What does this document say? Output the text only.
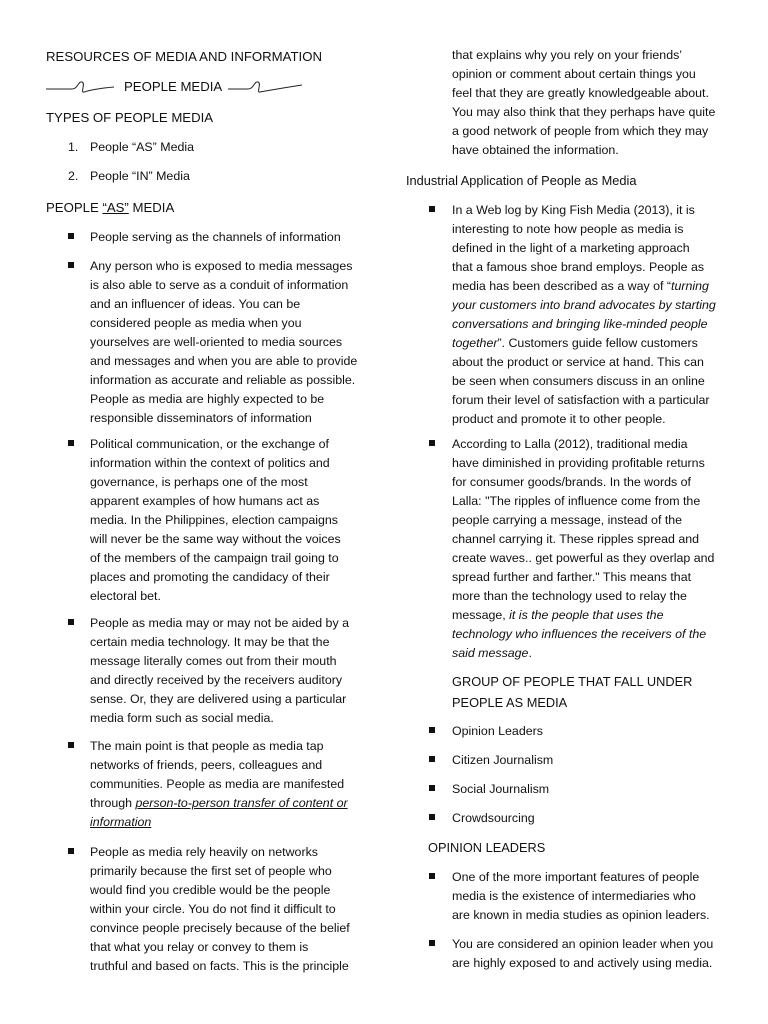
RESOURCES OF MEDIA AND INFORMATION
PEOPLE MEDIA
TYPES OF PEOPLE MEDIA
1. People “AS” Media
2. People “IN” Media
PEOPLE “AS” MEDIA
People serving as the channels of information
Any person who is exposed to media messages
is also able to serve as a conduit of information
and an influencer of ideas. You can be
considered people as media when you
yourselves are well-oriented to media sources
and messages and when you are able to provide
information as accurate and reliable as possible.
People as media are highly expected to be
responsible disseminators of information
Political communication, or the exchange of
information within the context of politics and
governance, is perhaps one of the most
apparent examples of how humans act as
media. In the Philippines, election campaigns
will never be the same way without the voices
of the members of the campaign trail going to
places and promoting the candidacy of their
electoral bet.
People as media may or may not be aided by a
certain media technology. It may be that the
message literally comes out from their mouth
and directly received by the receivers auditory
sense. Or, they are delivered using a particular
media form such as social media.
The main point is that people as media tap
networks of friends, peers, colleagues and
communities. People as media are manifested
through person-to-person transfer of content or
information
People as media rely heavily on networks
primarily because the first set of people who
would find you credible would be the people
within your circle. You do not find it difficult to
convince people precisely because of the belief
that what you relay or convey to them is
truthful and based on facts. This is the principle
that explains why you rely on your friends’
opinion or comment about certain things you
feel that they are greatly knowledgeable about.
You may also think that they perhaps have quite
a good network of people from which they may
have obtained the information.
Industrial Application of People as Media
In a Web log by King Fish Media (2013), it is
interesting to note how people as media is
defined in the light of a marketing approach
that a famous shoe brand employs. People as
media has been described as a way of “turning
your customers into brand advocates by starting
conversations and bringing like-minded people
together”. Customers guide fellow customers
about the product or service at hand. This can
be seen when consumers discuss in an online
forum their level of satisfaction with a particular
product and promote it to other people.
According to Lalla (2012), traditional media
have diminished in providing profitable returns
for consumer goods/brands. In the words of
Lalla: "The ripples of influence come from the
people carrying a message, instead of the
channel carrying it. These ripples spread and
create waves.. get powerful as they overlap and
spread further and farther." This means that
more than the technology used to relay the
message, it is the people that uses the
technology who influences the receivers of the
said message.
GROUP OF PEOPLE THAT FALL UNDER
PEOPLE AS MEDIA
Opinion Leaders
Citizen Journalism
Social Journalism
Crowdsourcing
OPINION LEADERS
One of the more important features of people
media is the existence of intermediaries who
are known in media studies as opinion leaders.
You are considered an opinion leader when you
are highly exposed to and actively using media.
